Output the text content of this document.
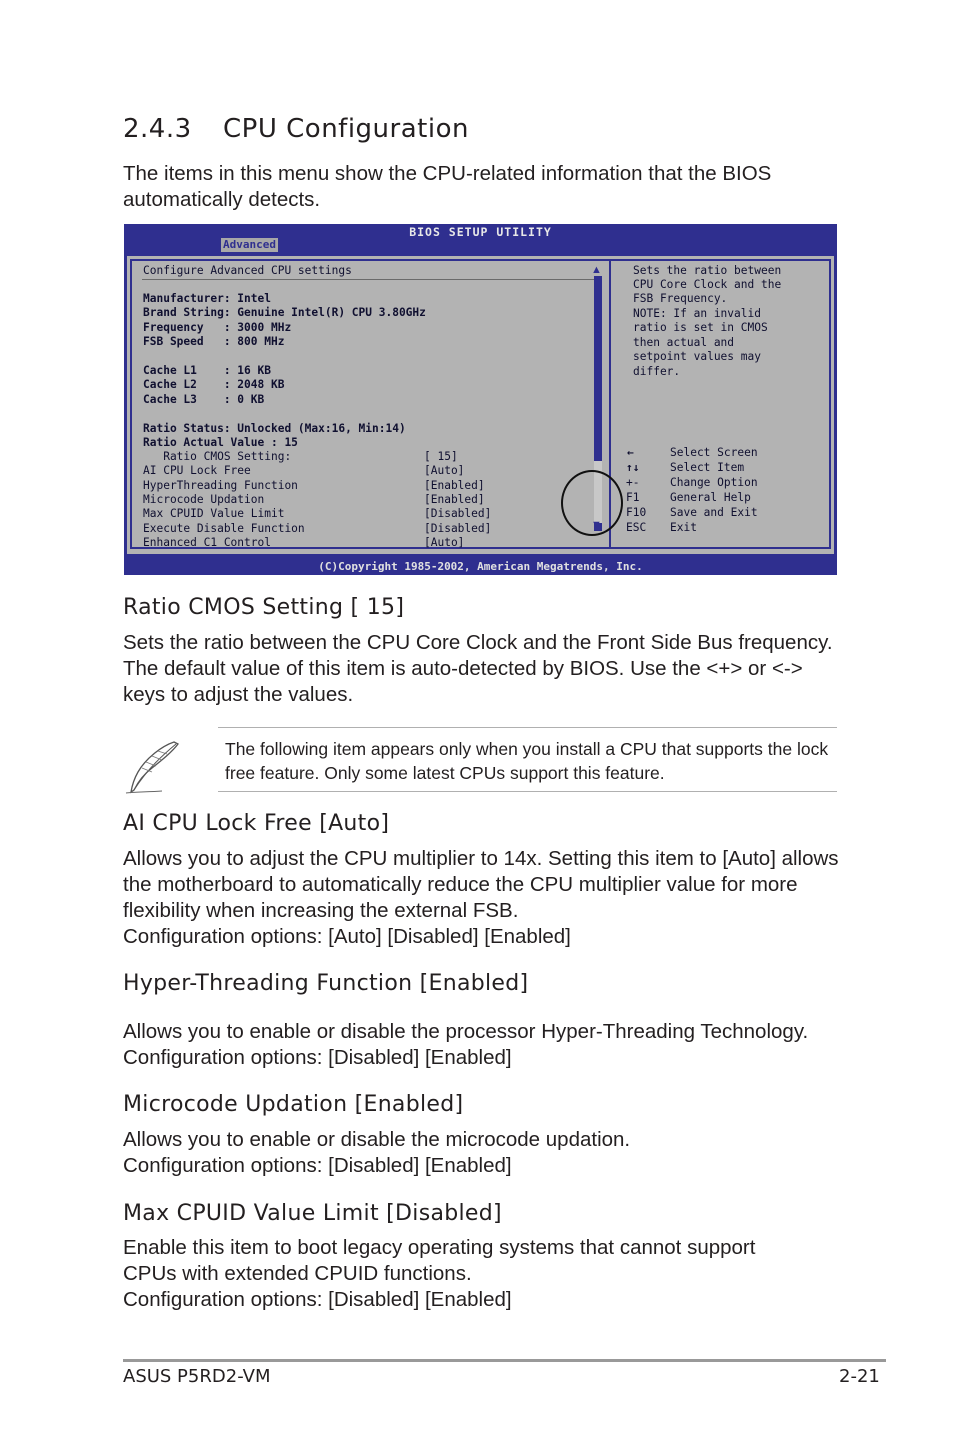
2.4.3 CPU Configuration

The items in this menu show the CPU-related information that the BIOS automatically detects.

BIOS SETUP UTILITY
Advanced
Configure Advanced CPU settings
Manufacturer: Intel
Brand String: Genuine Intel(R) CPU 3.80GHz
Frequency   : 3000 MHz
FSB Speed   : 800 MHz
Cache L1    : 16 KB
Cache L2    : 2048 KB
Cache L3    : 0 KB
Ratio Status: Unlocked (Max:16, Min:14)
Ratio Actual Value : 15
Ratio CMOS Setting:	[ 15]
AI CPU Lock Free	[Auto]
HyperThreading Function	[Enabled]
Microcode Updation	[Enabled]
Max CPUID Value Limit	[Disabled]
Execute Disable Function	[Disabled]
Enhanced C1 Control	[Auto]
▲
▼
Sets the ratio between
CPU Core Clock and the
FSB Frequency.
NOTE: If an invalid
ratio is set in CMOS
then actual and
setpoint values may
differ.
←	Select Screen
↑↓	Select Item
+-	Change Option
F1	General Help
F10 Save and Exit
ESC Exit
(C)Copyright 1985-2002, American Megatrends, Inc.
Ratio CMOS Setting [ 15]

Sets the ratio between the CPU Core Clock and the Front Side Bus frequency. The default value of this item is auto-detected by BIOS. Use the <+> or <-> keys to adjust the values.

The following item appears only when you install a CPU that supports the lock free feature. Only some latest CPUs support this feature.

AI CPU Lock Free [Auto]

Allows you to adjust the CPU multiplier to 14x. Setting this item to [Auto] allows the motherboard to automatically reduce the CPU multiplier value for more flexibility when increasing the external FSB.

Configuration options: [Auto] [Disabled] [Enabled]

Hyper-Threading Function [Enabled]

Allows you to enable or disable the processor Hyper-Threading Technology.

Configuration options: [Disabled] [Enabled]

Microcode Updation [Enabled]

Allows you to enable or disable the microcode updation.

Configuration options: [Disabled] [Enabled]

Max CPUID Value Limit [Disabled]

Enable this item to boot legacy operating systems that cannot support CPUs with extended CPUID functions.

Configuration options: [Disabled] [Enabled]

ASUS P5RD2-VM	2-21
